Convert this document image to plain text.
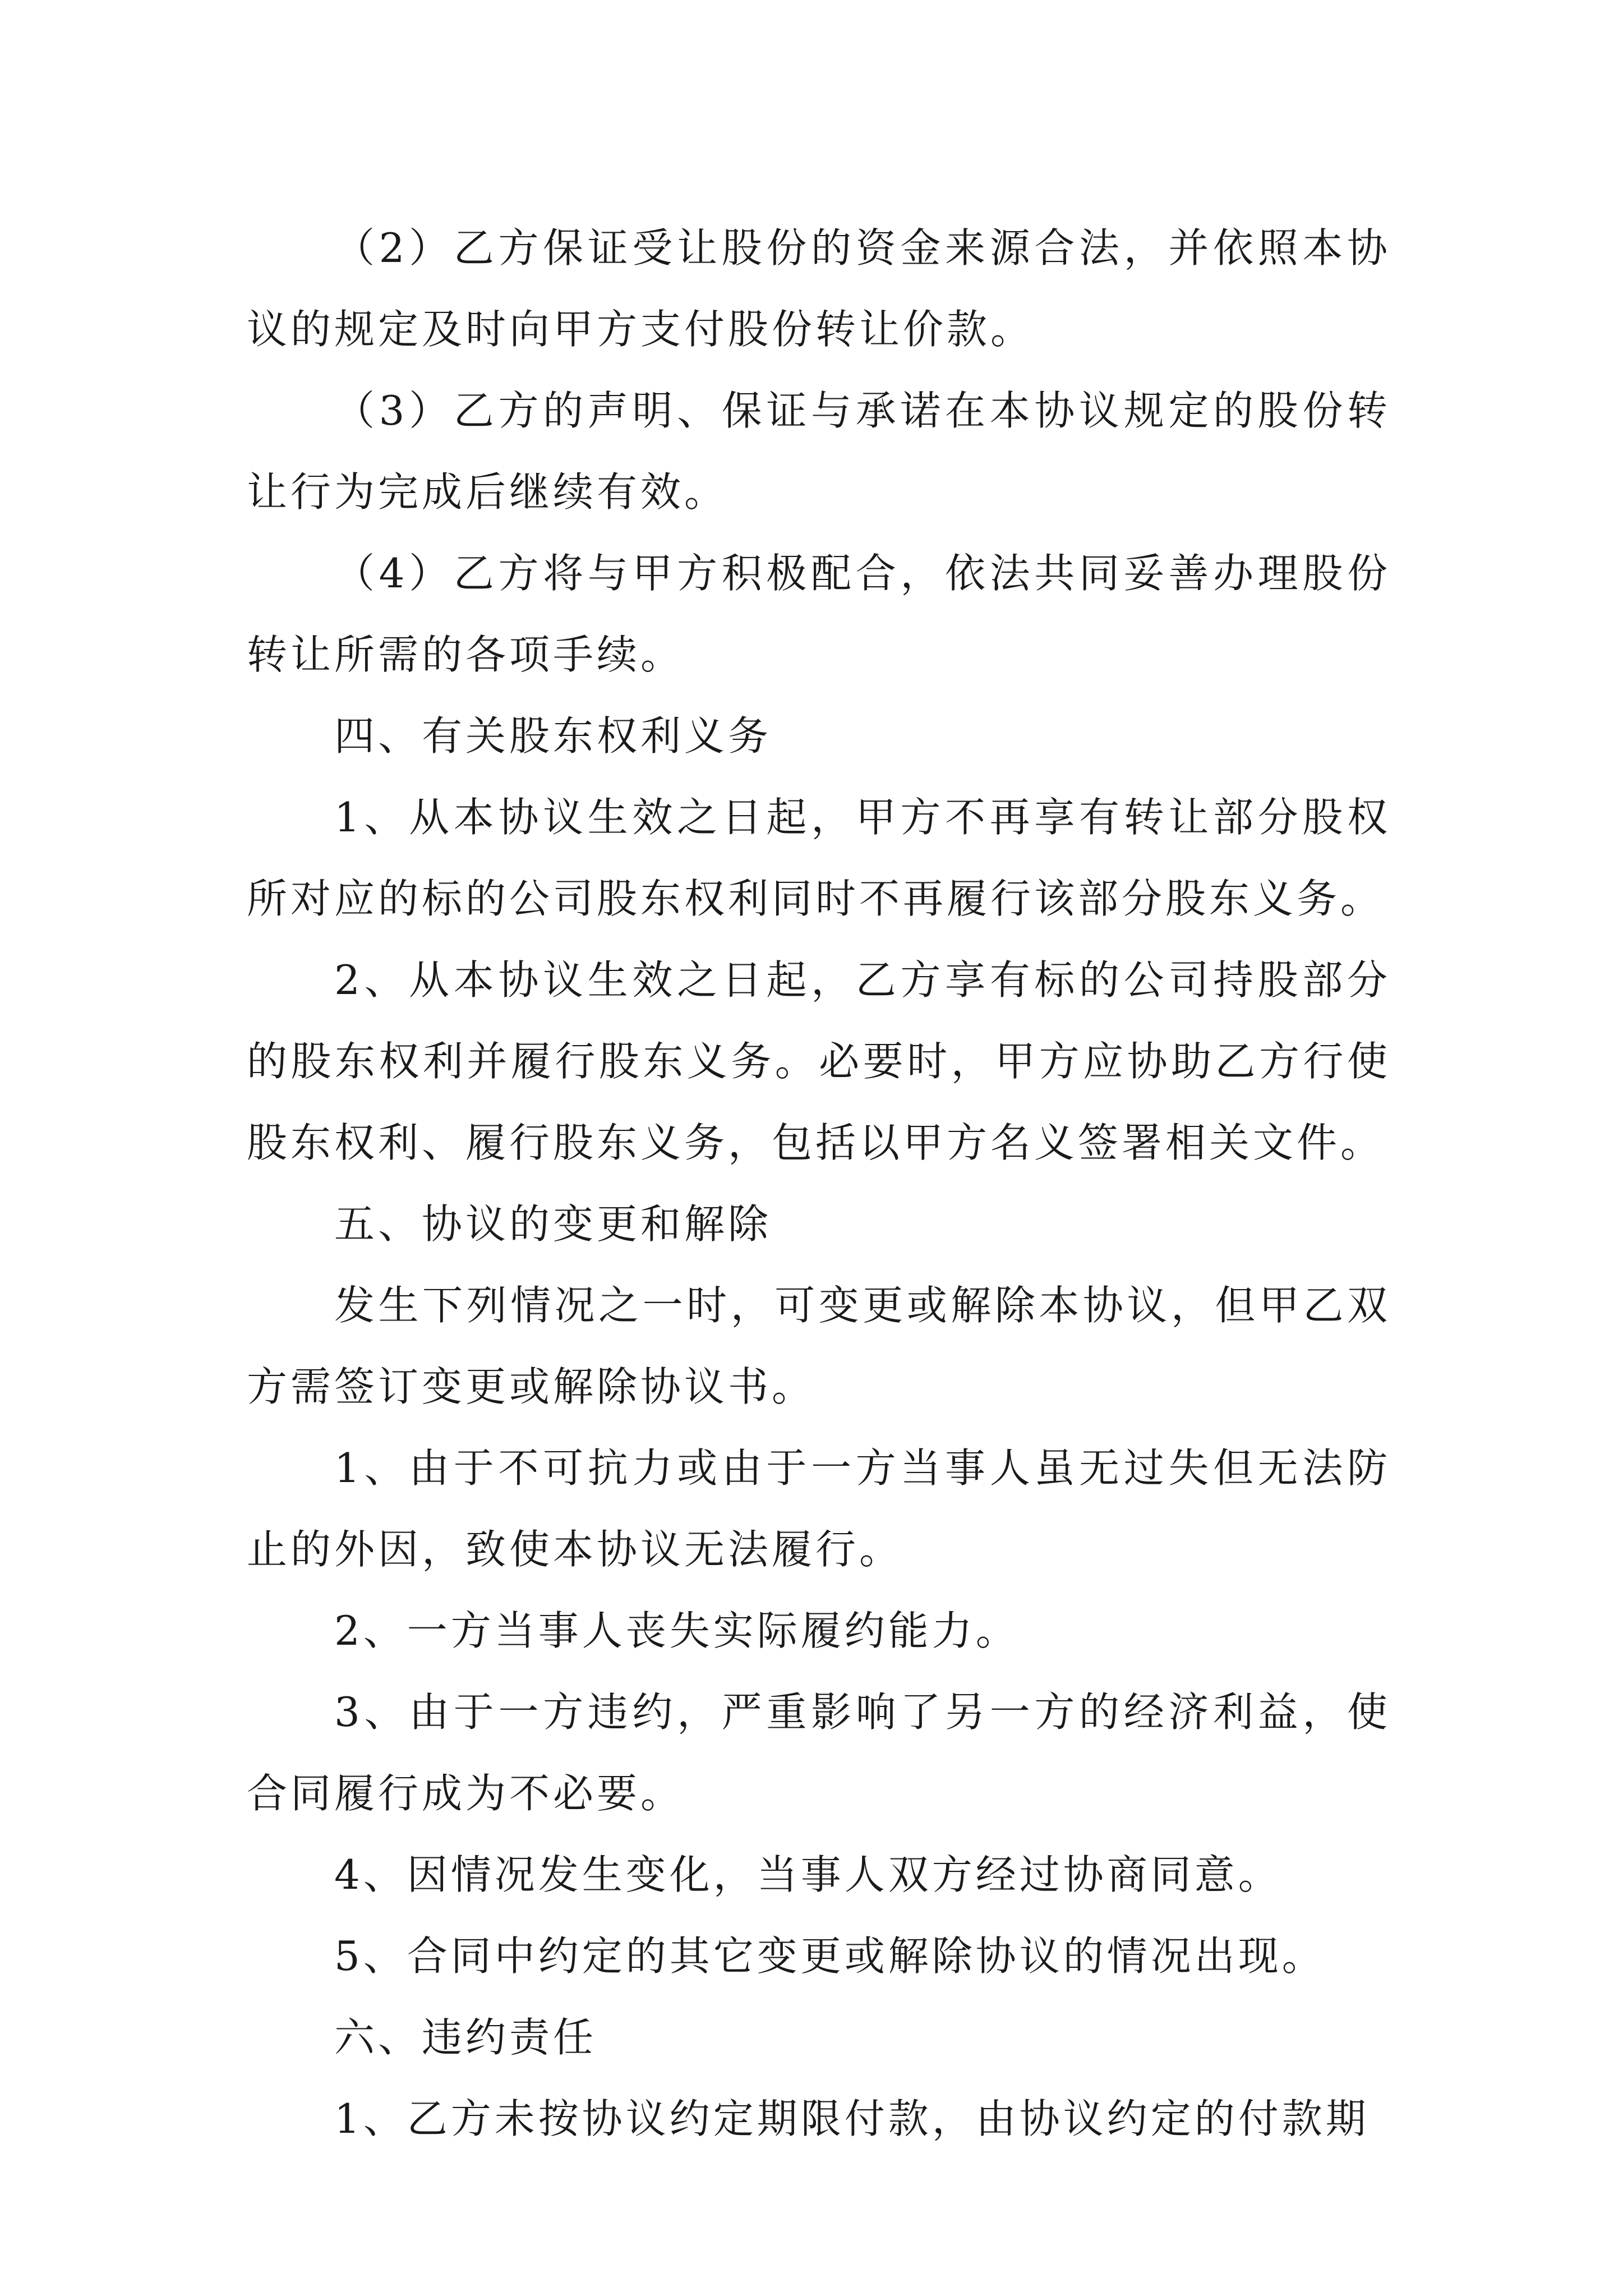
（2）乙方保证受让股份的资金来源合法，并依照本协议的规定及时向甲方支付股份转让价款。

（3）乙方的声明、保证与承诺在本协议规定的股份转让行为完成后继续有效。

（4）乙方将与甲方积极配合，依法共同妥善办理股份转让所需的各项手续。

四、有关股东权利义务

1、从本协议生效之日起，甲方不再享有转让部分股权所对应的标的公司股东权利同时不再履行该部分股东义务。

2、从本协议生效之日起，乙方享有标的公司持股部分的股东权利并履行股东义务。必要时，甲方应协助乙方行使股东权利、履行股东义务，包括以甲方名义签署相关文件。

五、协议的变更和解除

发生下列情况之一时，可变更或解除本协议，但甲乙双方需签订变更或解除协议书。

1、由于不可抗力或由于一方当事人虽无过失但无法防止的外因，致使本协议无法履行。

2、一方当事人丧失实际履约能力。

3、由于一方违约，严重影响了另一方的经济利益，使合同履行成为不必要。

4、因情况发生变化，当事人双方经过协商同意。

5、合同中约定的其它变更或解除协议的情况出现。

六、违约责任

1、乙方未按协议约定期限付款，由协议约定的付款期
